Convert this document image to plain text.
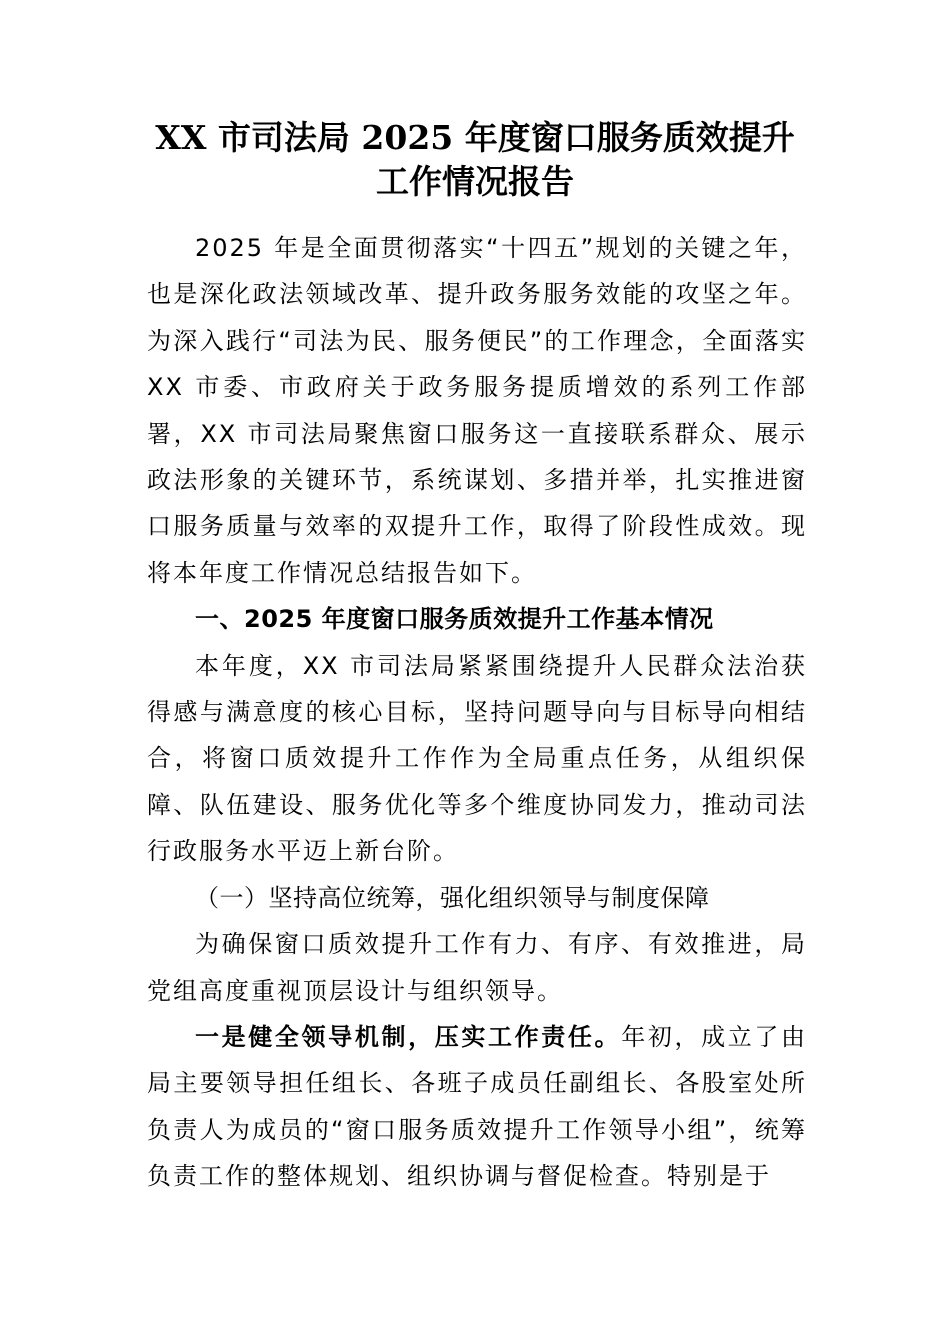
XX 市司法局 2025 年度窗口服务质效提升
工作情况报告

2025 年是全面贯彻落实“十四五”规划的关键之年，也是深化政法领域改革、提升政务服务效能的攻坚之年。为深入践行“司法为民、服务便民”的工作理念，全面落实 XX 市委、市政府关于政务服务提质增效的系列工作部署，XX 市司法局聚焦窗口服务这一直接联系群众、展示政法形象的关键环节，系统谋划、多措并举，扎实推进窗口服务质量与效率的双提升工作，取得了阶段性成效。现将本年度工作情况总结报告如下。

一、2025 年度窗口服务质效提升工作基本情况

本年度，XX 市司法局紧紧围绕提升人民群众法治获得感与满意度的核心目标，坚持问题导向与目标导向相结合，将窗口质效提升工作作为全局重点任务，从组织保障、队伍建设、服务优化等多个维度协同发力，推动司法行政服务水平迈上新台阶。

（一）坚持高位统筹，强化组织领导与制度保障

为确保窗口质效提升工作有力、有序、有效推进，局党组高度重视顶层设计与组织领导。

一是健全领导机制，压实工作责任。年初，成立了由局主要领导担任组长、各班子成员任副组长、各股室处所负责人为成员的“窗口服务质效提升工作领导小组”，统筹负责工作的整体规划、组织协调与督促检查。特别是于
